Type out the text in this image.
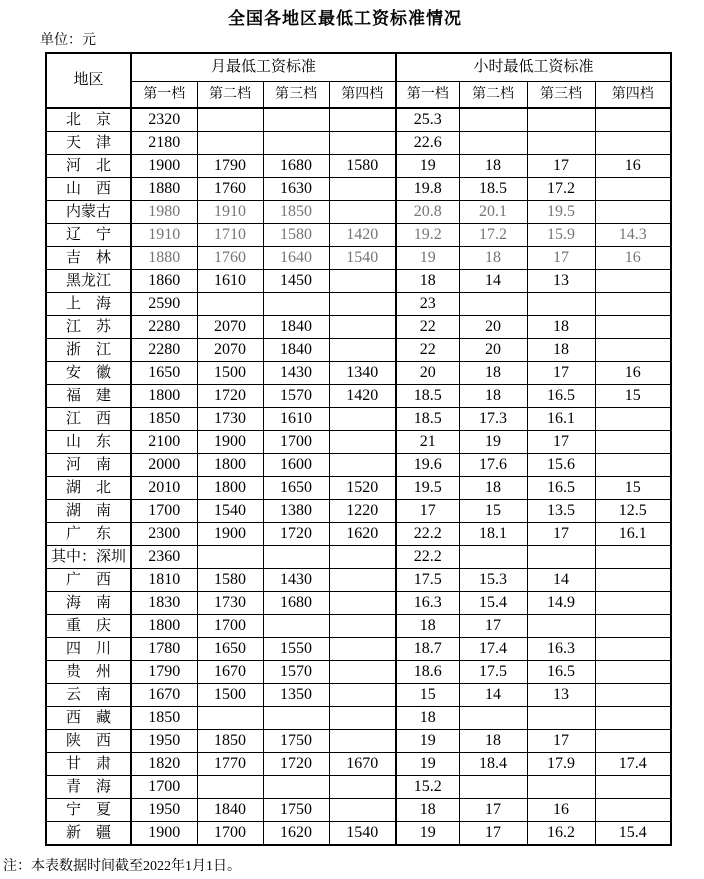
全国各地区最低工资标准情况
单位：元
地区	月最低工资标准				小时最低工资标准			
	第一档	第二档	第三档	第四档	第一档	第二档	第三档	第四档
北　京	2320				25.3			
天　津	2180				22.6			
河　北	1900	1790	1680	1580	19	18	17	16
山　西	1880	1760	1630		19.8	18.5	17.2	
内蒙古	1980	1910	1850		20.8	20.1	19.5	
辽　宁	1910	1710	1580	1420	19.2	17.2	15.9	14.3
吉　林	1880	1760	1640	1540	19	18	17	16
黑龙江	1860	1610	1450		18	14	13	
上　海	2590				23			
江　苏	2280	2070	1840		22	20	18	
浙　江	2280	2070	1840		22	20	18	
安　徽	1650	1500	1430	1340	20	18	17	16
福　建	1800	1720	1570	1420	18.5	18	16.5	15
江　西	1850	1730	1610		18.5	17.3	16.1	
山　东	2100	1900	1700		21	19	17	
河　南	2000	1800	1600		19.6	17.6	15.6	
湖　北	2010	1800	1650	1520	19.5	18	16.5	15
湖　南	1700	1540	1380	1220	17	15	13.5	12.5
广　东	2300	1900	1720	1620	22.2	18.1	17	16.1
其中：深圳	2360				22.2			
广　西	1810	1580	1430		17.5	15.3	14	
海　南	1830	1730	1680		16.3	15.4	14.9	
重　庆	1800	1700			18	17		
四　川	1780	1650	1550		18.7	17.4	16.3	
贵　州	1790	1670	1570		18.6	17.5	16.5	
云　南	1670	1500	1350		15	14	13	
西　藏	1850				18			
陕　西	1950	1850	1750		19	18	17	
甘　肃	1820	1770	1720	1670	19	18.4	17.9	17.4
青　海	1700				15.2			
宁　夏	1950	1840	1750		18	17	16	
新　疆	1900	1700	1620	1540	19	17	16.2	15.4
注：本表数据时间截至2022年1月1日。
